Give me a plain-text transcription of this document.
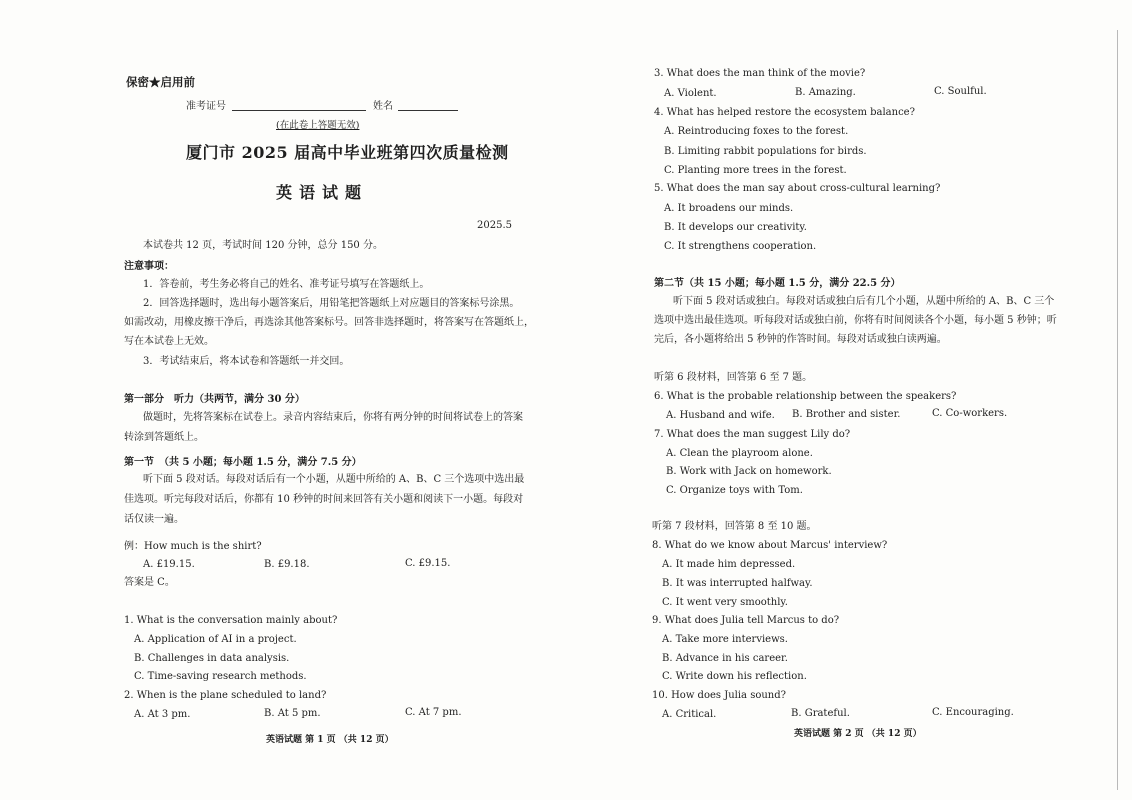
保密★启用前
准考证号	姓名
(在此卷上答题无效)
厦门市 2025 届高中毕业班第四次质量检测
英语试题
2025.5
本试卷共 12 页，考试时间 120 分钟，总分 150 分。
注意事项：
1．答卷前，考生务必将自己的姓名、准考证号填写在答题纸上。
2．回答选择题时，选出每小题答案后，用铅笔把答题纸上对应题目的答案标号涂黑。
如需改动，用橡皮擦干净后，再选涂其他答案标号。回答非选择题时，将答案写在答题纸上，
写在本试卷上无效。
3．考试结束后，将本试卷和答题纸一并交回。
第一部分　听力（共两节，满分 30 分）
做题时，先将答案标在试卷上。录音内容结束后，你将有两分钟的时间将试卷上的答案
转涂到答题纸上。
第一节　（共 5 小题；每小题 1.5 分，满分 7.5 分）
听下面 5 段对话。每段对话后有一个小题，从题中所给的 A、B、C 三个选项中选出最
佳选项。听完每段对话后，你都有 10 秒钟的时间来回答有关小题和阅读下一小题。每段对
话仅读一遍。
例：How much is the shirt?
A. £19.15.	B. £9.18.	C. £9.15.
答案是 C。
1. What is the conversation mainly about?
A. Application of AI in a project.
B. Challenges in data analysis.
C. Time-saving research methods.
2. When is the plane scheduled to land?
A. At 3 pm.	B. At 5 pm.	C. At 7 pm.
英语试题 第 1 页 （共 12 页）
3. What does the man think of the movie?
A. Violent.	B. Amazing.	C. Soulful.
4. What has helped restore the ecosystem balance?
A. Reintroducing foxes to the forest.
B. Limiting rabbit populations for birds.
C. Planting more trees in the forest.
5. What does the man say about cross-cultural learning?
A. It broadens our minds.
B. It develops our creativity.
C. It strengthens cooperation.
第二节（共 15 小题；每小题 1.5 分，满分 22.5 分）
听下面 5 段对话或独白。每段对话或独白后有几个小题，从题中所给的 A、B、C 三个
选项中选出最佳选项。听每段对话或独白前，你将有时间阅读各个小题，每小题 5 秒钟；听
完后，各小题将给出 5 秒钟的作答时间。每段对话或独白读两遍。
听第 6 段材料，回答第 6 至 7 题。
6. What is the probable relationship between the speakers?
A. Husband and wife. B. Brother and sister.	C. Co-workers.
7. What does the man suggest Lily do?
A. Clean the playroom alone.
B. Work with Jack on homework.
C. Organize toys with Tom.
听第 7 段材料，回答第 8 至 10 题。
8. What do we know about Marcus' interview?
A. It made him depressed.
B. It was interrupted halfway.
C. It went very smoothly.
9. What does Julia tell Marcus to do?
A. Take more interviews.
B. Advance in his career.
C. Write down his reflection.
10. How does Julia sound?
A. Critical.	B. Grateful.	C. Encouraging.
英语试题 第 2 页 （共 12 页）
